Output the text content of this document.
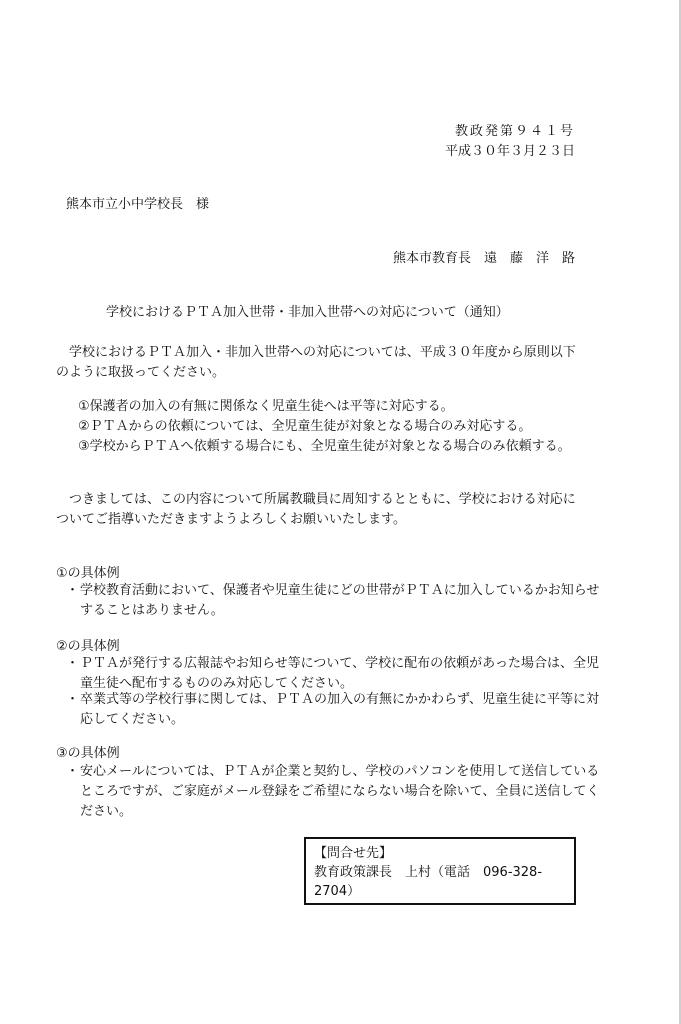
教政発第９４１号
平成３０年３月２３日
熊本市立小中学校長　様
熊本市教育長　遠　藤　洋　路
学校におけるＰＴＡ加入世帯・非加入世帯への対応について（通知）
　学校におけるＰＴＡ加入・非加入世帯への対応については、平成３０年度から原則以下のように取扱ってください。
①保護者の加入の有無に関係なく児童生徒へは平等に対応する。
②ＰＴＡからの依頼については、全児童生徒が対象となる場合のみ対応する。
③学校からＰＴＡへ依頼する場合にも、全児童生徒が対象となる場合のみ依頼する。
　つきましては、この内容について所属教職員に周知するとともに、学校における対応についてご指導いただきますようよろしくお願いいたします。
①の具体例
・ 学校教育活動において、保護者や児童生徒にどの世帯がＰＴＡに加入しているかお知らせすることはありません。
②の具体例
・ ＰＴＡが発行する広報誌やお知らせ等について、学校に配布の依頼があった場合は、全児童生徒へ配布するもののみ対応してください。
・ 卒業式等の学校行事に関しては、ＰＴＡの加入の有無にかかわらず、児童生徒に平等に対応してください。
③の具体例
・ 安心メールについては、ＰＴＡが企業と契約し、学校のパソコンを使用して送信しているところですが、ご家庭がメール登録をご希望にならない場合を除いて、全員に送信してください。
【問合せ先】
教育政策課長　上村（電話　096-328-
2704）
